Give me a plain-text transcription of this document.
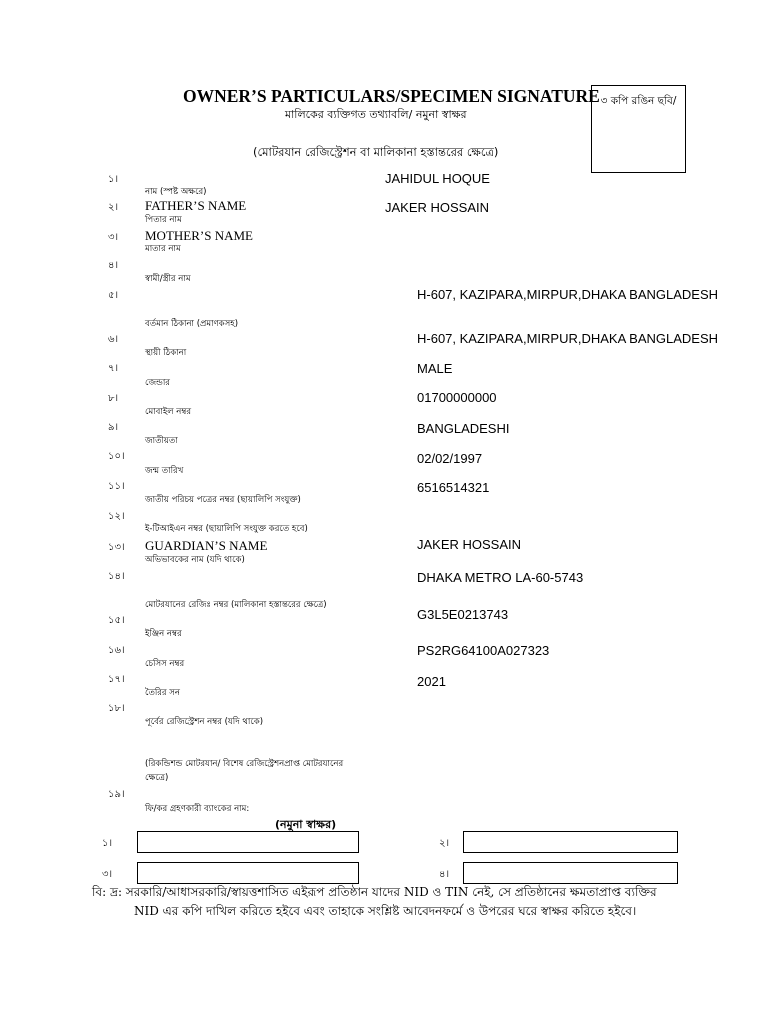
OWNER’S PARTICULARS/SPECIMEN SIGNATURE
মালিকের ব্যক্তিগত তথ্যাবলি/ নমুনা স্বাক্ষর
(মোটরযান রেজিস্ট্রেশন বা মালিকানা হস্তান্তরের ক্ষেত্রে)
৩ কপি রঙিন ছবি/
১।
নাম (স্পষ্ট অক্ষরে)
JAHIDUL HOQUE
২। FATHER’S NAME
পিতার নাম
JAKER HOSSAIN
৩। MOTHER’S NAME
মাতার নাম
৪।
স্বামী/স্ত্রীর নাম
৫।
বর্তমান ঠিকানা (প্রমাণকসহ)
H-607, KAZIPARA,MIRPUR,DHAKA BANGLADESH
৬।
স্থায়ী ঠিকানা
H-607, KAZIPARA,MIRPUR,DHAKA BANGLADESH
৭।
জেন্ডার
MALE
৮।
মোবাইল নম্বর
01700000000
৯।
জাতীয়তা
BANGLADESHI
১০।
জন্ম তারিখ
02/02/1997
১১।
জাতীয় পরিচয় পত্রের নম্বর (ছায়ালিপি সংযুক্ত)
6516514321
১২।
ই-টিআইএন নম্বর (ছায়ালিপি সংযুক্ত করতে হবে)
১৩। GUARDIAN’S NAME
অভিভাবকের নাম (যদি থাকে)
JAKER HOSSAIN
১৪।
মোটরযানের রেজিঃ নম্বর (মালিকানা হস্তান্তরের ক্ষেত্রে)
DHAKA METRO LA-60-5743
১৫।
ইঞ্জিন নম্বর
G3L5E0213743
১৬।
চেসিস নম্বর
PS2RG64100A027323
১৭।
তৈরির সন
2021
১৮।
পূর্বের রেজিস্ট্রেশন নম্বর (যদি থাকে)
(রিকন্ডিশন্ড মোটরযান/ বিশেষ রেজিস্ট্রেশনপ্রাপ্ত মোটরযানের
ক্ষেত্রে)
১৯।
ফি/কর গ্রহণকারী ব্যাংকের নাম:
(নমুনা স্বাক্ষর)
১।	২।
৩।	৪।
বি: দ্র: সরকারি/আধাসরকারি/স্বায়ত্তশাসিত এইরূপ প্রতিষ্ঠান যাদের NID ও TIN নেই, সে প্রতিষ্ঠানের ক্ষমতাপ্রাপ্ত ব্যক্তির
NID এর কপি দাখিল করিতে হইবে এবং তাহাকে সংশ্লিষ্ট আবেদনফর্মে ও উপরের ঘরে স্বাক্ষর করিতে হইবে।
